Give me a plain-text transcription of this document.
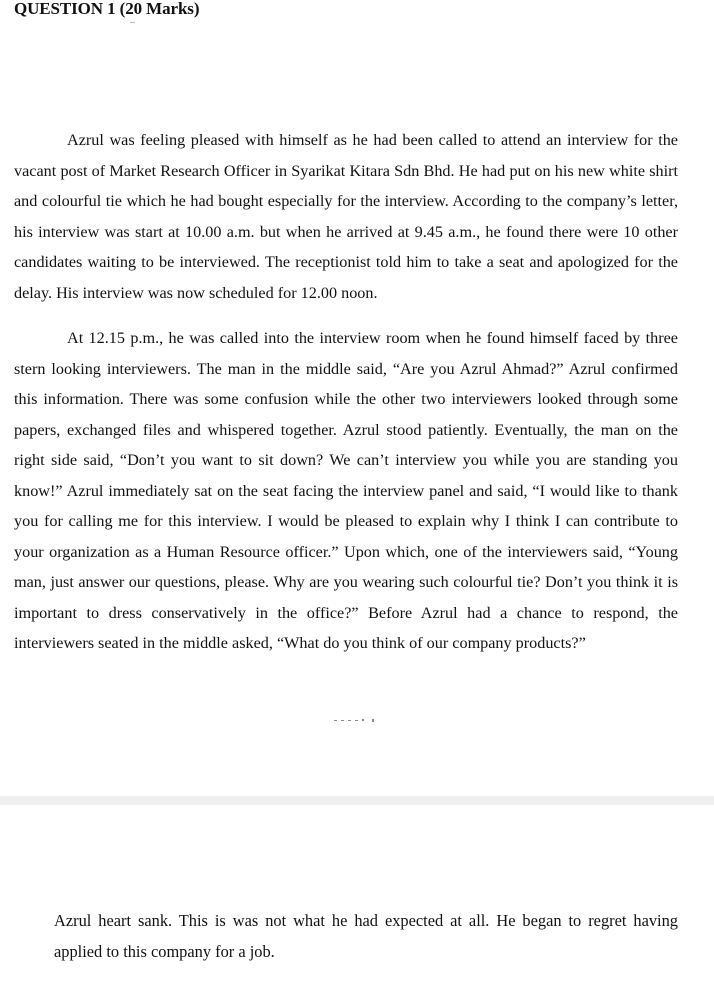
QUESTION 1 (20 Marks)

Azrul was feeling pleased with himself as he had been called to attend an interview for the vacant post of Market Research Officer in Syarikat Kitara Sdn Bhd. He had put on his new white shirt and colourful tie which he had bought especially for the interview. According to the company’s letter, his interview was start at 10.00 a.m. but when he arrived at 9.45 a.m., he found there were 10 other candidates waiting to be interviewed. The receptionist told him to take a seat and apologized for the delay. His interview was now scheduled for 12.00 noon.

At 12.15 p.m., he was called into the interview room when he found himself faced by three stern looking interviewers. The man in the middle said, “Are you Azrul Ahmad?” Azrul confirmed this information. There was some confusion while the other two interviewers looked through some papers, exchanged files and whispered together. Azrul stood patiently. Eventually, the man on the right side said, “Don’t you want to sit down? We can’t interview you while you are standing you know!” Azrul immediately sat on the seat facing the interview panel and said, “I would like to thank you for calling me for this interview. I would be pleased to explain why I think I can contribute to your organization as a Human Resource officer.” Upon which, one of the interviewers said, “Young man, just answer our questions, please. Why are you wearing such colourful tie? Don’t you think it is important to dress conservatively in the office?” Before Azrul had a chance to respond, the interviewers seated in the middle asked, “What do you think of our company products?”

Azrul heart sank. This is was not what he had expected at all. He began to regret having applied to this company for a job.
